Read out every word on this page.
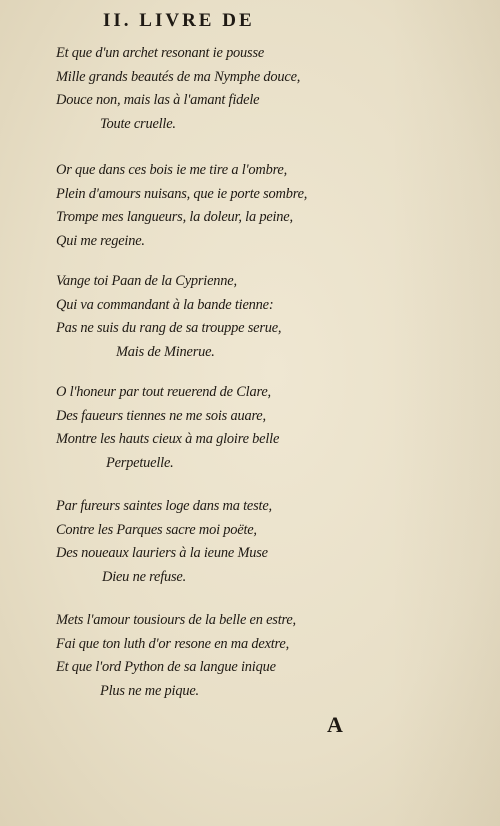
II. LIVRE DE
Et que d'un archet resonant ie pousse
Mille grands beautés de ma Nymphe douce,
Douce non, mais las à l'amant fidele
Toute cruelle.
Or que dans ces bois ie me tire a l'ombre,
Plein d'amours nuisans, que ie porte sombre,
Trompe mes langueurs, la doleur, la peine,
Qui me regeine.
Vange toi Paan de la Cyprienne,
Qui va commandant à la bande tienne:
Pas ne suis du rang de sa trouppe serue,
Mais de Minerue.
O l'honeur par tout reuerend de Clare,
Des faueurs tiennes ne me sois auare,
Montre les hauts cieux à ma gloire belle
Perpetuelle.
Par fureurs saintes loge dans ma teste,
Contre les Parques sacre moi poëte,
Des noueaux lauriers à la ieune Muse
Dieu ne refuse.
Mets l'amour tousiours de la belle en estre,
Fai que ton luth d'or resone en ma dextre,
Et que l'ord Python de sa langue inique
Plus ne me pique.
A
